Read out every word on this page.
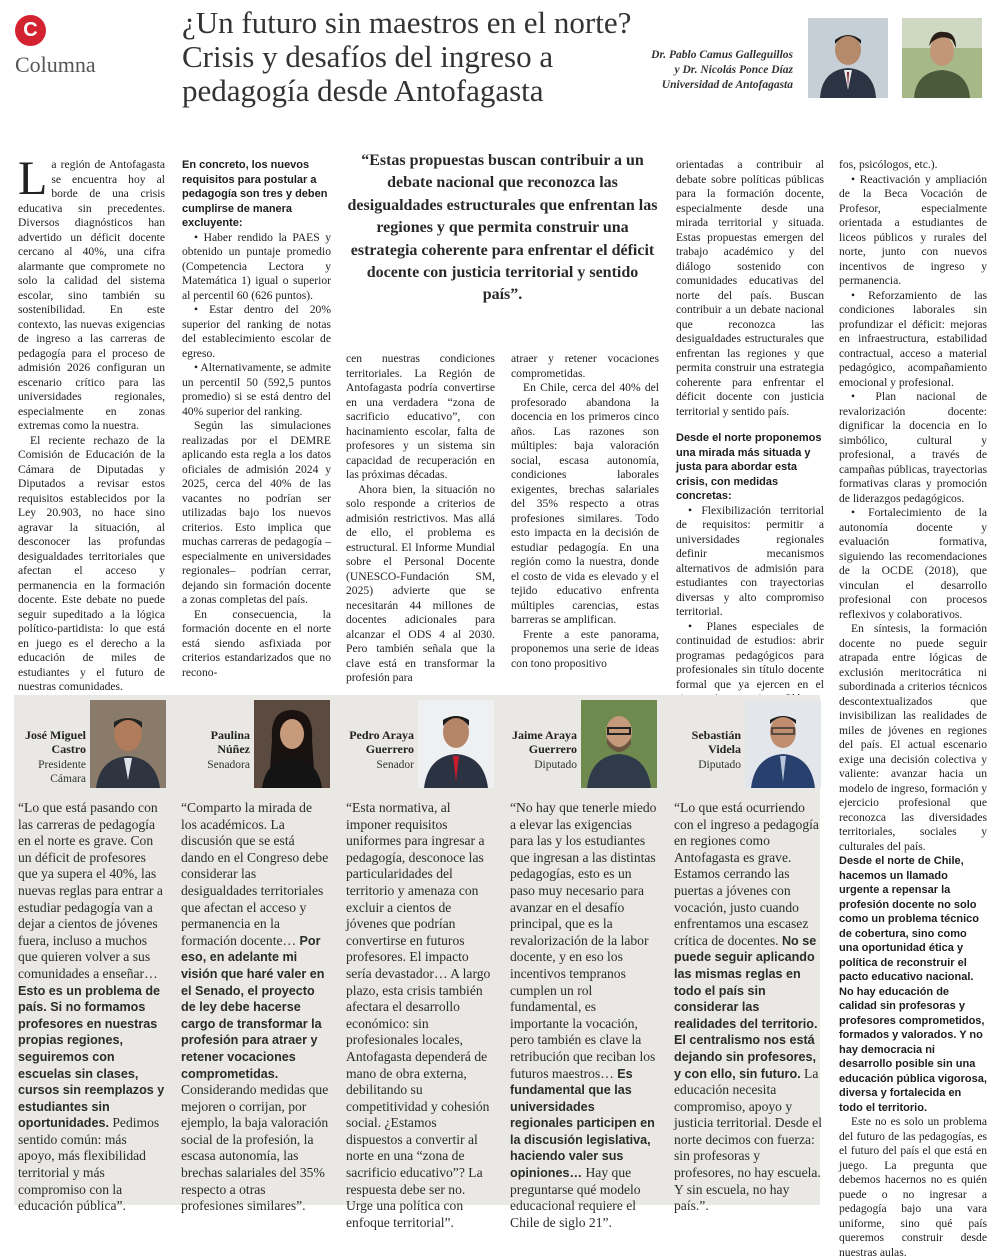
C
Columna
¿Un futuro sin maestros en el norte?
Crisis y desafíos del ingreso a
pedagogía desde Antofagasta
Dr. Pablo Camus Galleguillos
y Dr. Nicolás Ponce Díaz
Universidad de Antofagasta

La región de Antofagasta se encuentra hoy al borde de una crisis educativa sin precedentes. Diversos diagnósticos han advertido un déficit docente cercano al 40%, una cifra alarmante que compromete no solo la calidad del sistema escolar, sino también su sostenibilidad. En este contexto, las nuevas exigencias de ingreso a las carreras de pedagogía para el proceso de admisión 2026 configuran un escenario crítico para las universidades regionales, especialmente en zonas extremas como la nuestra.

El reciente rechazo de la Comisión de Educación de la Cámara de Diputadas y Diputados a revisar estos requisitos establecidos por la Ley 20.903, no hace sino agravar la situación, al desconocer las profundas desigualdades territoriales que afectan el acceso y permanencia en la formación docente. Este debate no puede seguir supeditado a la lógica político-partidista: lo que está en juego es el derecho a la educación de miles de estudiantes y el futuro de nuestras comunidades.

En concreto, los nuevos requisitos para postular a pedagogía son tres y deben cumplirse de manera excluyente:

• Haber rendido la PAES y obtenido un puntaje promedio (Competencia Lectora y Matemática 1) igual o superior al percentil 60 (626 puntos).

• Estar dentro del 20% superior del ranking de notas del establecimiento escolar de egreso.

• Alternativamente, se admite un percentil 50 (592,5 puntos promedio) si se está dentro del 40% superior del ranking.

Según las simulaciones realizadas por el DEMRE aplicando esta regla a los datos oficiales de admisión 2024 y 2025, cerca del 40% de las vacantes no podrían ser utilizadas bajo los nuevos criterios. Esto implica que muchas carreras de pedagogía –especialmente en universidades regionales– podrían cerrar, dejando sin formación docente a zonas completas del país.

En consecuencia, la formación docente en el norte está siendo asfixiada por criterios estandarizados que no recono-

“Estas propuestas buscan contribuir a un debate nacional que reconozca las desigualdades estructurales que enfrentan las regiones y que permita construir una estrategia coherente para enfrentar el déficit docente con justicia territorial y sentido país”.

cen nuestras condiciones territoriales. La Región de Antofagasta podría convertirse en una verdadera “zona de sacrificio educativo”, con hacinamiento escolar, falta de profesores y un sistema sin capacidad de recuperación en las próximas décadas.

Ahora bien, la situación no solo responde a criterios de admisión restrictivos. Mas allá de ello, el problema es estructural. El Informe Mundial sobre el Personal Docente (UNESCO-Fundación SM, 2025) advierte que se necesitarán 44 millones de docentes adicionales para alcanzar el ODS 4 al 2030. Pero también señala que la clave está en transformar la profesión para

atraer y retener vocaciones comprometidas.

En Chile, cerca del 40% del profesorado abandona la docencia en los primeros cinco años. Las razones son múltiples: baja valoración social, escasa autonomía, condiciones laborales exigentes, brechas salariales del 35% respecto a otras profesiones similares. Todo esto impacta en la decisión de estudiar pedagogía. En una región como la nuestra, donde el costo de vida es elevado y el tejido educativo enfrenta múltiples carencias, estas barreras se amplifican.

Frente a este panorama, proponemos una serie de ideas con tono propositivo

orientadas a contribuir al debate sobre políticas públicas para la formación docente, especialmente desde una mirada territorial y situada. Estas propuestas emergen del trabajo académico y del diálogo sostenido con comunidades educativas del norte del país. Buscan contribuir a un debate nacional que reconozca las desigualdades estructurales que enfrentan las regiones y que permita construir una estrategia coherente para enfrentar el déficit docente con justicia territorial y sentido país.

Desde el norte proponemos una mirada más situada y justa para abordar esta crisis, con medidas concretas:

• Flexibilización territorial de requisitos: permitir a universidades regionales definir mecanismos alternativos de admisión para estudiantes con trayectorias diversas y alto compromiso territorial.

• Planes especiales de continuidad de estudios: abrir programas pedagógicos para profesionales sin título docente formal que ya ejercen en el

fos, psicólogos, etc.).

• Reactivación y ampliación de la Beca Vocación de Profesor, especialmente orientada a estudiantes de liceos públicos y rurales del norte, junto con nuevos incentivos de ingreso y permanencia.

• Reforzamiento de las condiciones laborales sin profundizar el déficit: mejoras en infraestructura, estabilidad contractual, acceso a material pedagógico, acompañamiento emocional y profesional.

• Plan nacional de revalorización docente: dignificar la docencia en lo simbólico, cultural y profesional, a través de campañas públicas, trayectorias formativas claras y promoción de liderazgos pedagógicos.

• Fortalecimiento de la autonomía docente y evaluación formativa, siguiendo las recomendaciones de la OCDE (2018), que vinculan el desarrollo profesional con procesos reflexivos y colaborativos.

En síntesis, la formación docente no puede seguir atrapada entre lógicas de exclusión meritocrática ni subordinada a criterios técnicos descontextualizados que invisibilizan las realidades de miles de jóvenes en regiones del país. El actual escenario exige una decisión colectiva y valiente: avanzar hacia un modelo de ingreso, formación y ejercicio profesional que reconozca las diversidades territoriales, sociales y culturales del país.

Desde el norte de Chile, hacemos un llamado urgente a repensar la profesión docente no solo como un problema técnico de cobertura, sino como una oportunidad ética y política de reconstruir el pacto educativo nacional. No hay educación de calidad sin profesoras y profesores comprometidos, formados y valorados. Y no hay democracia ni desarrollo posible sin una educación pública vigorosa, diversa y fortalecida en todo el territorio.

Este no es solo un problema del futuro de las pedagogías, es el futuro del país el que está en juego. La pregunta que debemos hacernos no es quién puede o no ingresar a pedagogía bajo una vara uniforme, sino qué país queremos construir desde nuestras aulas.

José Miguel Castro
Presidente Cámara
Paulina Núñez
Senadora
Pedro Araya Guerrero
Senador
Jaime Araya Guerrero
Diputado
Sebastián Videla
Diputado
“Lo que está pasando con las carreras de pedagogía en el norte es grave. Con un déficit de profesores que ya supera el 40%, las nuevas reglas para entrar a estudiar pedagogía van a dejar a cientos de jóvenes fuera, incluso a muchos que quieren volver a sus comunidades a enseñar… Esto es un problema de país. Si no formamos profesores en nuestras propias regiones, seguiremos con escuelas sin clases, cursos sin reemplazos y estudiantes sin oportunidades. Pedimos sentido común: más apoyo, más flexibilidad territorial y más compromiso con la educación pública”.
“Comparto la mirada de los académicos. La discusión que se está dando en el Congreso debe considerar las desigualdades territoriales que afectan el acceso y permanencia en la formación docente… Por eso, en adelante mi visión que haré valer en el Senado, el proyecto de ley debe hacerse cargo de transformar la profesión para atraer y retener vocaciones comprometidas. Considerando medidas que mejoren o corrijan, por ejemplo, la baja valoración social de la profesión, la escasa autonomía, las brechas salariales del 35% respecto a otras profesiones similares”.
“Esta normativa, al imponer requisitos uniformes para ingresar a pedagogía, desconoce las particularidades del territorio y amenaza con excluir a cientos de jóvenes que podrían convertirse en futuros profesores. El impacto sería devastador… A largo plazo, esta crisis también afectara el desarrollo económico: sin profesionales locales, Antofagasta dependerá de mano de obra externa, debilitando su competitividad y cohesión social. ¿Estamos dispuestos a convertir al norte en una “zona de sacrificio educativo”? La respuesta debe ser no. Urge una política con enfoque territorial”.
“No hay que tenerle miedo a elevar las exigencias para las y los estudiantes que ingresan a las distintas pedagogías, esto es un paso muy necesario para avanzar en el desafío principal, que es la revalorización de la labor docente, y en eso los incentivos tempranos cumplen un rol fundamental, es importante la vocación, pero también es clave la retribución que reciban los futuros maestros… Es fundamental que las universidades regionales participen en la discusión legislativa, haciendo valer sus opiniones… Hay que preguntarse qué modelo educacional requiere el Chile de siglo 21”.
“Lo que está ocurriendo con el ingreso a pedagogía en regiones como Antofagasta es grave. Estamos cerrando las puertas a jóvenes con vocación, justo cuando enfrentamos una escasez crítica de docentes. No se puede seguir aplicando las mismas reglas en todo el país sin considerar las realidades del territorio. El centralismo nos está dejando sin profesores, y con ello, sin futuro. La educación necesita compromiso, apoyo y justicia territorial. Desde el norte decimos con fuerza: sin profesoras y profesores, no hay escuela. Y sin escuela, no hay país.”.
